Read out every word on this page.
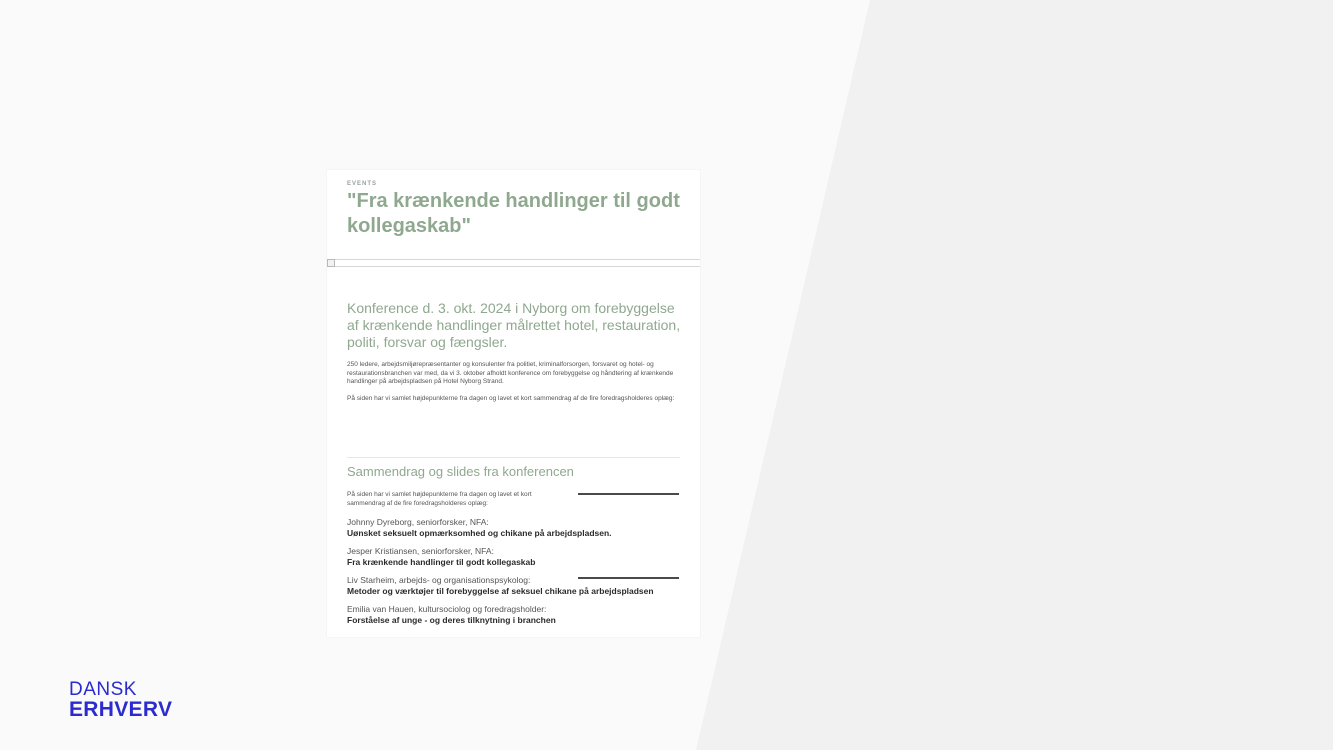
EVENTS
"Fra krænkende handlinger til godt kollegaskab"
Konference d. 3. okt. 2024 i Nyborg om forebyggelse af krænkende handlinger målrettet hotel, restauration, politi, forsvar og fængsler.
250 ledere, arbejdsmiljørepræsentanter og konsulenter fra politiet, kriminalforsorgen, forsvaret og hotel- og restaurationsbranchen var med, da vi 3. oktober afholdt konference om forebyggelse og håndtering af krænkende handlinger på arbejdspladsen på Hotel Nyborg Strand.
På siden har vi samlet højdepunkterne fra dagen og lavet et kort sammendrag af de fire foredragsholderes oplæg:
Sammendrag og slides fra konferencen
På siden har vi samlet højdepunkterne fra dagen og lavet et kort sammendrag af de fire foredragsholderes oplæg:
Johnny Dyreborg, seniorforsker, NFA:
Uønsket seksuelt opmærksomhed og chikane på arbejdspladsen.
Jesper Kristiansen, seniorforsker, NFA:
Fra krænkende handlinger til godt kollegaskab
Liv Starheim, arbejds- og organisationspsykolog:
Metoder og værktøjer til forebyggelse af seksuel chikane på arbejdspladsen
Emilia van Hauen, kultursociolog og foredragsholder:
Forståelse af unge - og deres tilknytning i branchen
DANSK
ERHVERV
